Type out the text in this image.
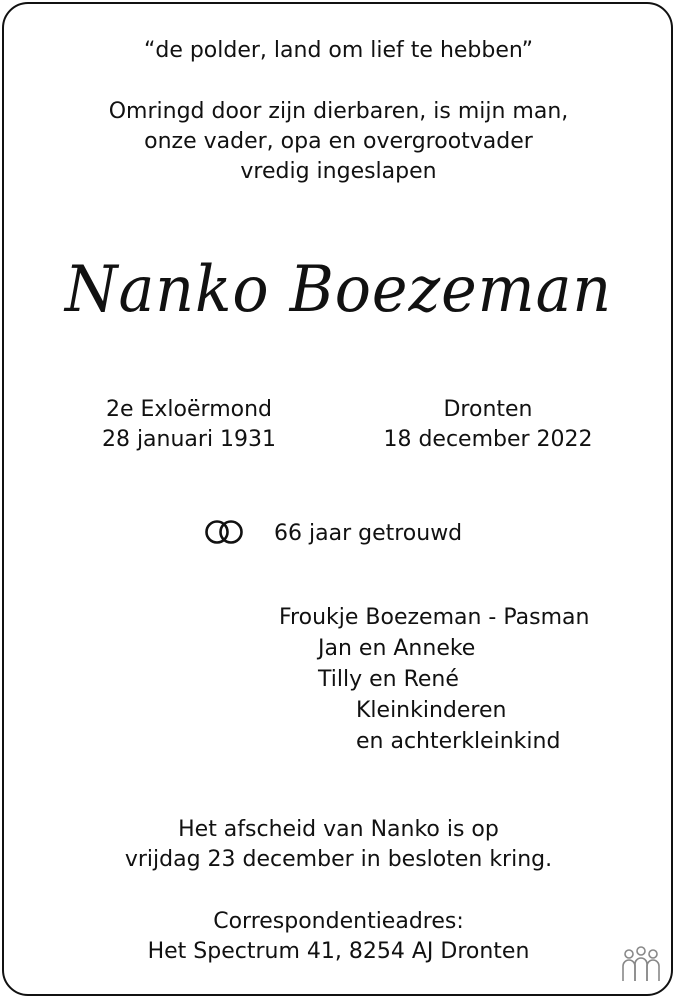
“de polder, land om lief te hebben”
Omringd door zijn dierbaren, is mijn man,
onze vader, opa en overgrootvader
vredig ingeslapen
Nanko Boezeman
2e Exloërmond
28 januari 1931
Dronten
18 december 2022
66 jaar getrouwd
Froukje Boezeman - Pasman
Jan en Anneke
Tilly en René
Kleinkinderen
en achterkleinkind
Het afscheid van Nanko is op
vrijdag 23 december in besloten kring.
Correspondentieadres:
Het Spectrum 41, 8254 AJ Dronten
